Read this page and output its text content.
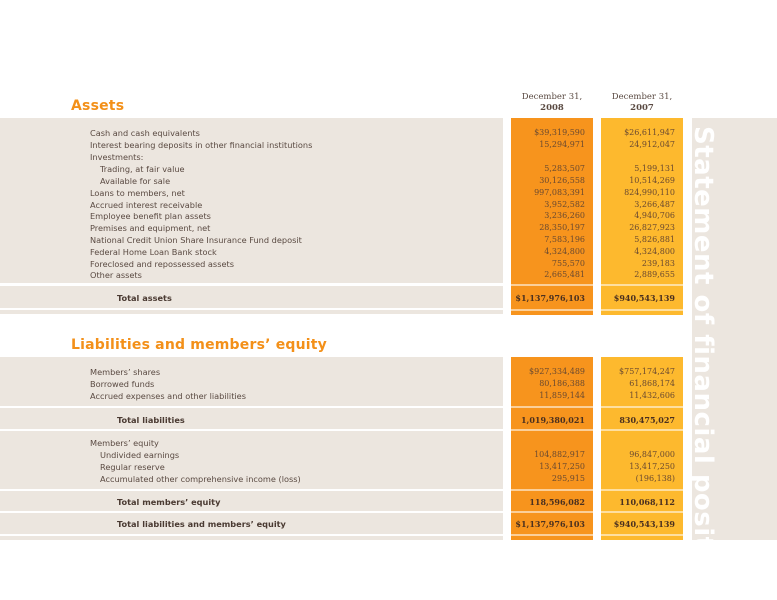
December 31,
2008
December 31,
2007
Assets
Cash and cash equivalents	$39,319,590	$26,611,947
Interest bearing deposits in other financial institutions	15,294,971	24,912,047
Investments:
Trading, at fair value	5,283,507	5,199,131
Available for sale	30,126,558	10,514,269
Loans to members, net	997,083,391	824,990,110
Accrued interest receivable	3,952,582	3,266,487
Employee benefit plan assets	3,236,260	4,940,706
Premises and equipment, net	28,350,197	26,827,923
National Credit Union Share Insurance Fund deposit	7,583,196	5,826,881
Federal Home Loan Bank stock	4,324,800	4,324,800
Foreclosed and repossessed assets	755,570	239,183
Other assets	2,665,481	2,889,655
Total assets	$1,137,976,103	$940,543,139
Liabilities and members’ equity
Members’ shares	$927,334,489	$757,174,247
Borrowed funds	80,186,388	61,868,174
Accrued expenses and other liabilities	11,859,144	11,432,606
Total liabilities	1,019,380,021	830,475,027
Members’ equity
Undivided earnings	104,882,917	96,847,000
Regular reserve	13,417,250	13,417,250
Accumulated other comprehensive income (loss)	295,915	(196,138)
Total members’ equity	118,596,082	110,068,112
Total liabilities and members’ equity	$1,137,976,103	$940,543,139 Statement of financial position
